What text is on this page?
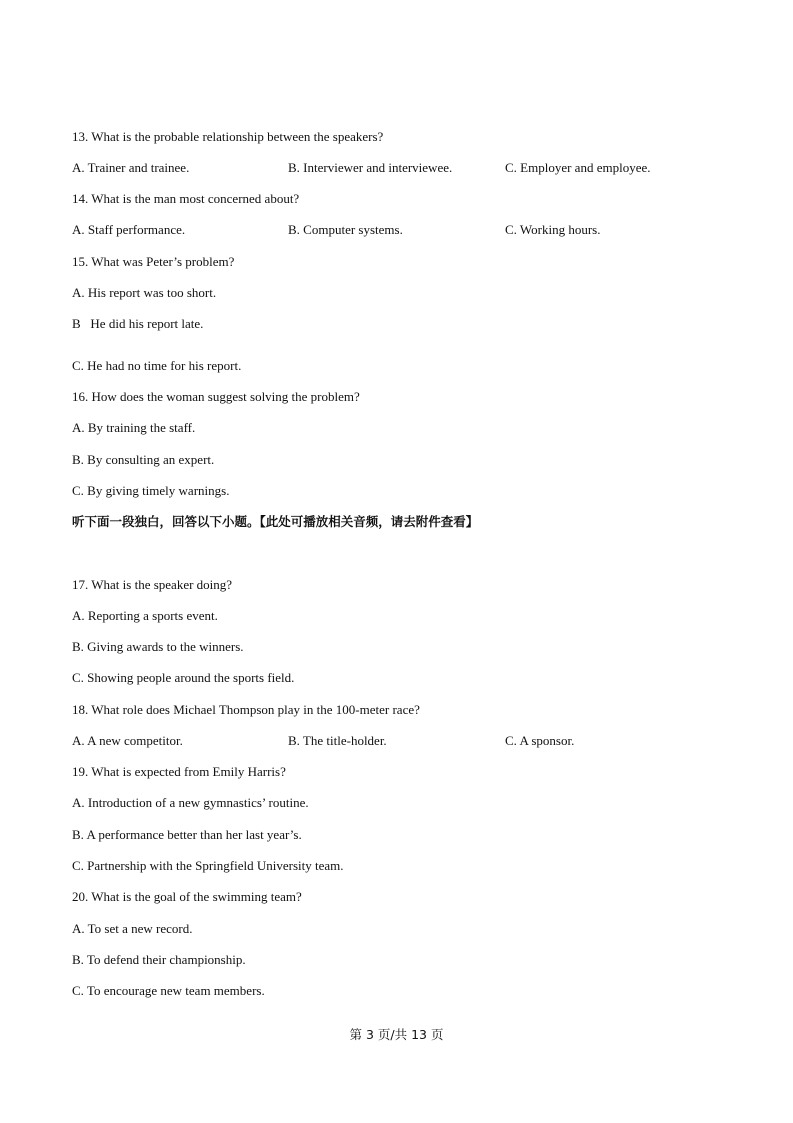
13. What is the probable relationship between the speakers?
A. Trainer and trainee.	B. Interviewer and interviewee.	C. Employer and employee.
14. What is the man most concerned about?
A. Staff performance.	B. Computer systems.	C. Working hours.
15. What was Peter’s problem?
A. His report was too short.
B   He did his report late.
C. He had no time for his report.
16. How does the woman suggest solving the problem?
A. By training the staff.
B. By consulting an expert.
C. By giving timely warnings.
听下面一段独白，回答以下小题。【此处可播放相关音频，请去附件查看】
17. What is the speaker doing?
A. Reporting a sports event.
B. Giving awards to the winners.
C. Showing people around the sports field.
18. What role does Michael Thompson play in the 100-meter race?
A. A new competitor.	B. The title-holder.	C. A sponsor.
19. What is expected from Emily Harris?
A. Introduction of a new gymnastics’ routine.
B. A performance better than her last year’s.
C. Partnership with the Springfield University team.
20. What is the goal of the swimming team?
A. To set a new record.
B. To defend their championship.
C. To encourage new team members.
第 3 页/共 13 页
